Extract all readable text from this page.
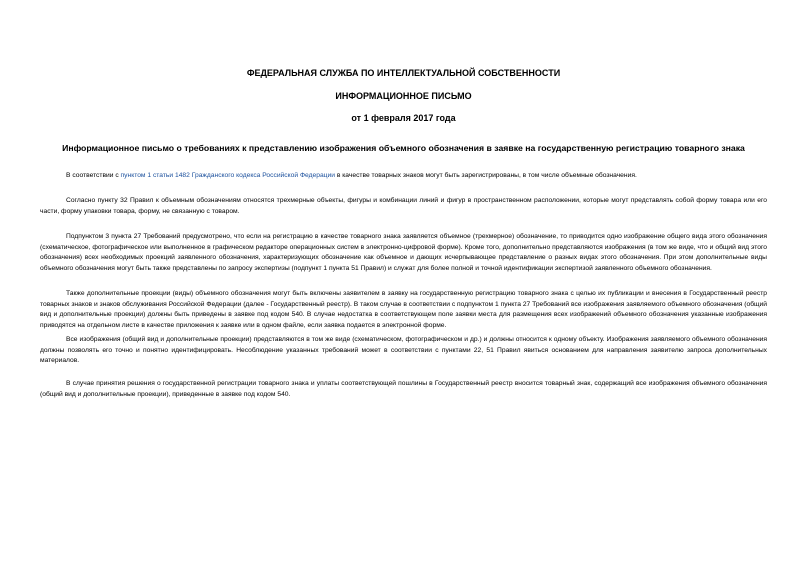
ФЕДЕРАЛЬНАЯ СЛУЖБА ПО ИНТЕЛЛЕКТУАЛЬНОЙ СОБСТВЕННОСТИ
ИНФОРМАЦИОННОЕ ПИСЬМО
от 1 февраля 2017 года
Информационное письмо о требованиях к представлению изображения объемного обозначения в заявке на государственную регистрацию товарного знака

В соответствии с пунктом 1 статьи 1482 Гражданского кодекса Российской Федерации в качестве товарных знаков могут быть зарегистрированы, в том числе объемные обозначения.

Согласно пункту 32 Правил к объемным обозначениям относятся трехмерные объекты, фигуры и комбинации линий и фигур в пространственном расположении, которые могут представлять собой форму товара или его части, форму упаковки товара, форму, не связанную с товаром.

Подпунктом 3 пункта 27 Требований предусмотрено, что если на регистрацию в качестве товарного знака заявляется объемное (трехмерное) обозначение, то приводится одно изображение общего вида этого обозначения (схематическое, фотографическое или выполненное в графическом редакторе операционных систем в электронно-цифровой форме). Кроме того, дополнительно представляются изображения (в том же виде, что и общий вид этого обозначения) всех необходимых проекций заявленного обозначения, характеризующих обозначение как объемное и дающих исчерпывающее представление о разных видах этого обозначения. При этом дополнительные виды объемного обозначения могут быть также представлены по запросу экспертизы (подпункт 1 пункта 51 Правил) и служат для более полной и точной идентификации экспертизой заявленного объемного обозначения.

Также дополнительные проекции (виды) объемного обозначения могут быть включены заявителем в заявку на государственную регистрацию товарного знака с целью их публикации и внесения в Государственный реестр товарных знаков и знаков обслуживания Российской Федерации (далее - Государственный реестр). В таком случае в соответствии с подпунктом 1 пункта 27 Требований все изображения заявляемого объемного обозначения (общий вид и дополнительные проекции) должны быть приведены в заявке под кодом 540. В случае недостатка в соответствующем поле заявки места для размещения всех изображений объемного обозначения указанные изображения приводятся на отдельном листе в качестве приложения к заявке или в одном файле, если заявка подается в электронной форме.

Все изображения (общий вид и дополнительные проекции) представляются в том же виде (схематическом, фотографическом и др.) и должны относится к одному объекту. Изображения заявляемого объемного обозначения должны позволять его точно и понятно идентифицировать. Несоблюдение указанных требований может в соответствии с пунктами 22, 51 Правил явиться основанием для направления заявителю запроса дополнительных материалов.

В случае принятия решения о государственной регистрации товарного знака и уплаты соответствующей пошлины в Государственный реестр вносится товарный знак, содержащий все изображения объемного обозначения (общий вид и дополнительные проекции), приведенные в заявке под кодом 540.
